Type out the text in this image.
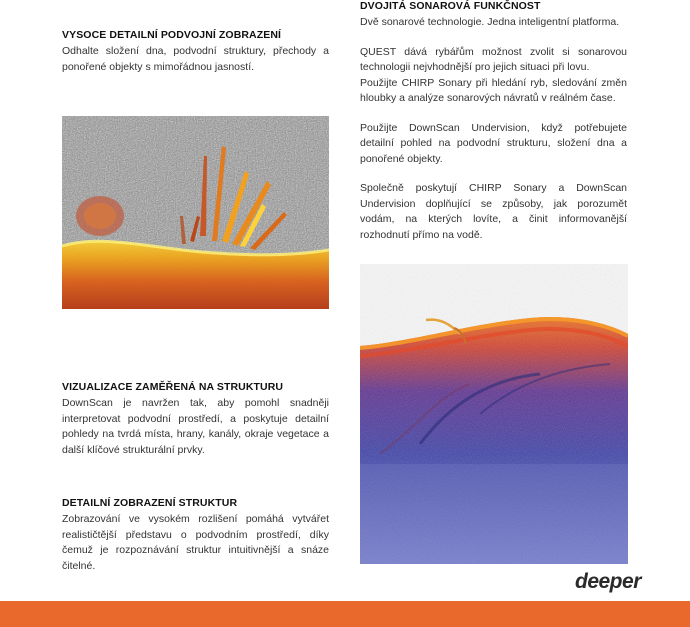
VYSOCE DETAILNÍ PODVOJNÍ ZOBRAZENÍ

Odhalte složení dna, podvodní struktury, přechody a ponořené objekty s mimořádnou jasností.

VIZUALIZACE ZAMĚŘENÁ NA STRUKTURU

DownScan je navržen tak, aby pomohl snadněji interpretovat podvodní prostředí, a poskytuje detailní pohledy na tvrdá místa, hrany, kanály, okraje vegetace a další klíčové strukturální prvky.

DETAILNÍ ZOBRAZENÍ STRUKTUR

Zobrazování ve vysokém rozlišení pomáhá vytvářet realističtější představu o podvodním prostředí, díky čemuž je rozpoznávání struktur intuitivnější a snáze čitelné.

DVOJITÁ SONAROVÁ FUNKČNOST

Dvě sonarové technologie. Jedna inteligentní platforma.

QUEST dává rybářům možnost zvolit si sonarovou technologii nejvhodnější pro jejich situaci při lovu.

Použijte CHIRP Sonary při hledání ryb, sledování změn hloubky a analýze sonarových návratů v reálném čase.

Použijte DownScan Undervision, když potřebujete detailní pohled na podvodní strukturu, složení dna a ponořené objekty.

Společně poskytují CHIRP Sonary a DownScan Undervision doplňující se způsoby, jak porozumět vodám, na kterých lovíte, a činit informovanější rozhodnutí přímo na vodě.

deeper
